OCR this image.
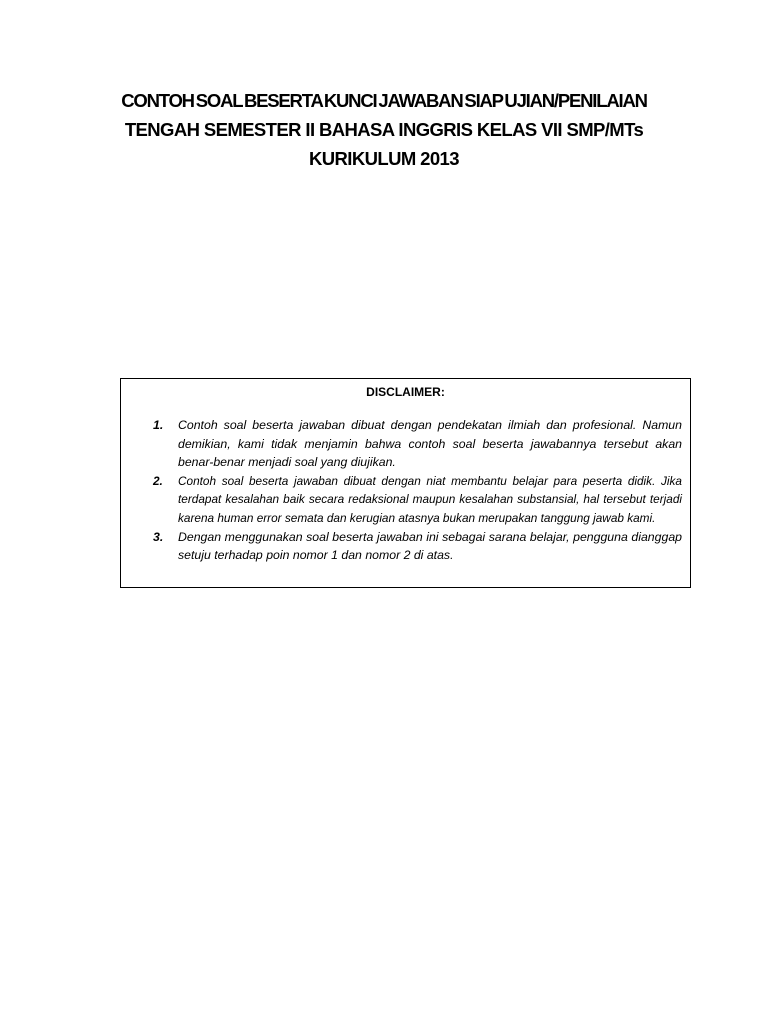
CONTOH SOAL BESERTA KUNCI JAWABAN SIAP UJIAN/PENILAIAN
TENGAH SEMESTER II BAHASA INGGRIS KELAS VII SMP/MTs
KURIKULUM 2013
DISCLAIMER:
1. Contoh soal beserta jawaban dibuat dengan pendekatan ilmiah dan profesional. Namun demikian, kami tidak menjamin bahwa contoh soal beserta jawabannya tersebut akan benar-benar menjadi soal yang diujikan.
2. Contoh soal beserta jawaban dibuat dengan niat membantu belajar para peserta didik. Jika terdapat kesalahan baik secara redaksional maupun kesalahan substansial, hal tersebut terjadi karena human error semata dan kerugian atasnya bukan merupakan tanggung jawab kami.
3. Dengan menggunakan soal beserta jawaban ini sebagai sarana belajar, pengguna dianggap setuju terhadap poin nomor 1 dan nomor 2 di atas.
